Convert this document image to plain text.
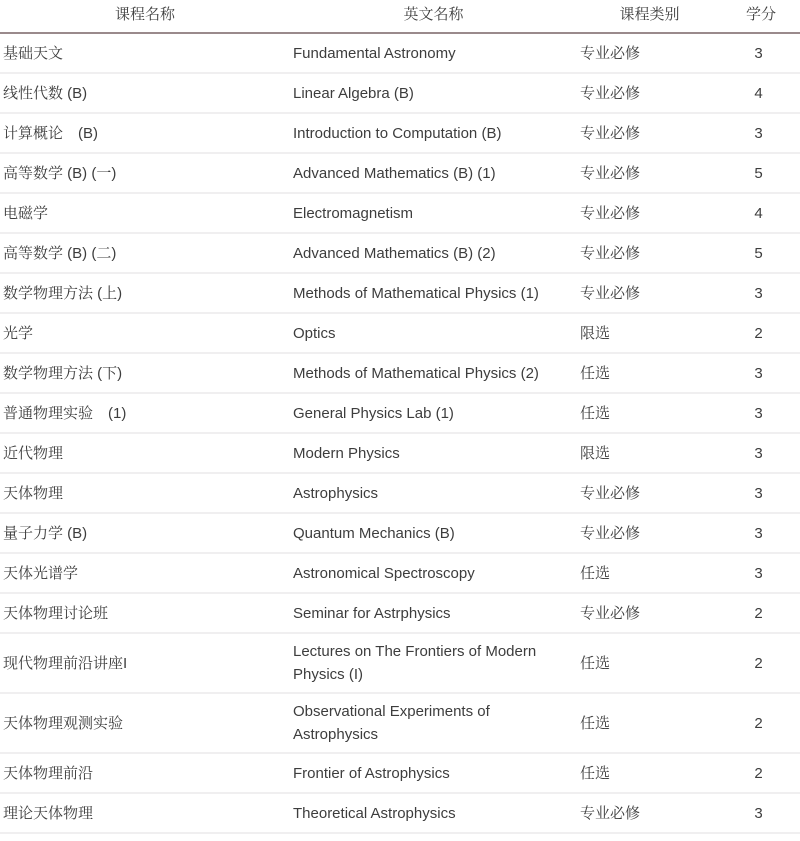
课程名称	英文名称	课程类别	学分
基础天文	Fundamental Astronomy	专业必修	3
线性代数 (B)	Linear Algebra (B)	专业必修	4
计算概论　(B)	Introduction to Computation (B)	专业必修	3
高等数学 (B) (一)	Advanced Mathematics (B) (1)	专业必修	5
电磁学	Electromagnetism	专业必修	4
高等数学 (B) (二)	Advanced Mathematics (B) (2)	专业必修	5
数学物理方法 (上)	Methods of Mathematical Physics (1)	专业必修	3
光学	Optics	限选	2
数学物理方法 (下)	Methods of Mathematical Physics (2)	任选	3
普通物理实验　(1)	General Physics Lab (1)	任选	3
近代物理	Modern Physics	限选	3
天体物理	Astrophysics	专业必修	3
量子力学 (B)	Quantum Mechanics (B)	专业必修	3
天体光谱学	Astronomical Spectroscopy	任选	3
天体物理讨论班	Seminar for Astrphysics	专业必修	2
现代物理前沿讲座I	Lectures on The Frontiers of Modern Physics (I)	任选	2
天体物理观测实验	Observational Experiments of Astrophysics	任选	2
天体物理前沿	Frontier of Astrophysics	任选	2
理论天体物理	Theoretical Astrophysics	专业必修	3
